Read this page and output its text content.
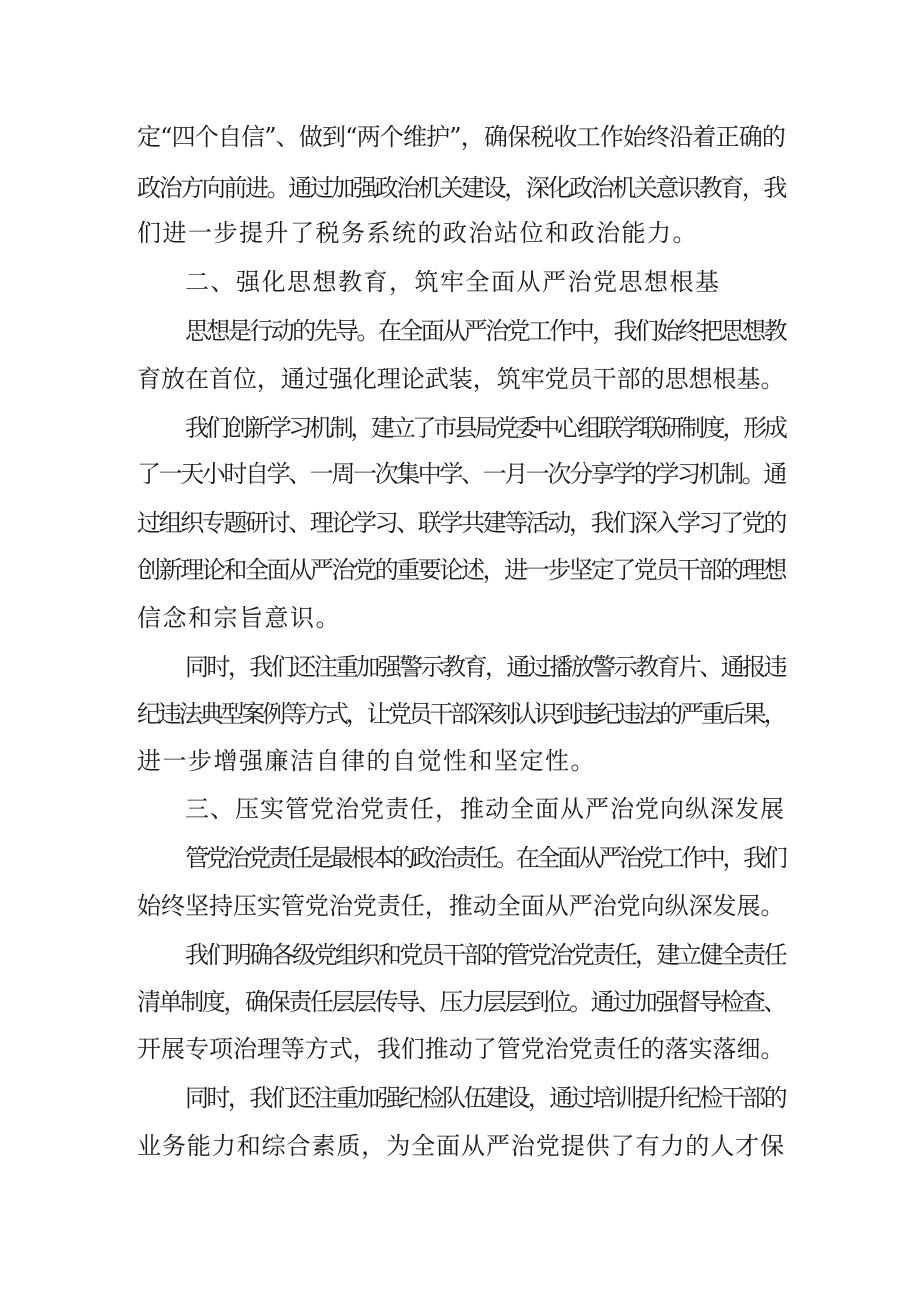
定“四个自信”、做到“两个维护”，确保税收工作始终沿着正确的
政治方向前进。通过加强政治机关建设，深化政治机关意识教育，我
们进一步提升了税务系统的政治站位和政治能力。
二、强化思想教育，筑牢全面从严治党思想根基
思想是行动的先导。在全面从严治党工作中，我们始终把思想教
育放在首位，通过强化理论武装，筑牢党员干部的思想根基。
我们创新学习机制，建立了市县局党委中心组联学联研制度，形成
了一天小时自学、一周一次集中学、一月一次分享学的学习机制。通
过组织专题研讨、理论学习、联学共建等活动，我们深入学习了党的
创新理论和全面从严治党的重要论述，进一步坚定了党员干部的理想
信念和宗旨意识。
同时，我们还注重加强警示教育，通过播放警示教育片、通报违
纪违法典型案例等方式，让党员干部深刻认识到违纪违法的严重后果，
进一步增强廉洁自律的自觉性和坚定性。
三、压实管党治党责任，推动全面从严治党向纵深发展
管党治党责任是最根本的政治责任。在全面从严治党工作中，我们
始终坚持压实管党治党责任，推动全面从严治党向纵深发展。
我们明确各级党组织和党员干部的管党治党责任，建立健全责任
清单制度，确保责任层层传导、压力层层到位。通过加强督导检查、
开展专项治理等方式，我们推动了管党治党责任的落实落细。
同时，我们还注重加强纪检队伍建设，通过培训提升纪检干部的
业务能力和综合素质，为全面从严治党提供了有力的人才保
